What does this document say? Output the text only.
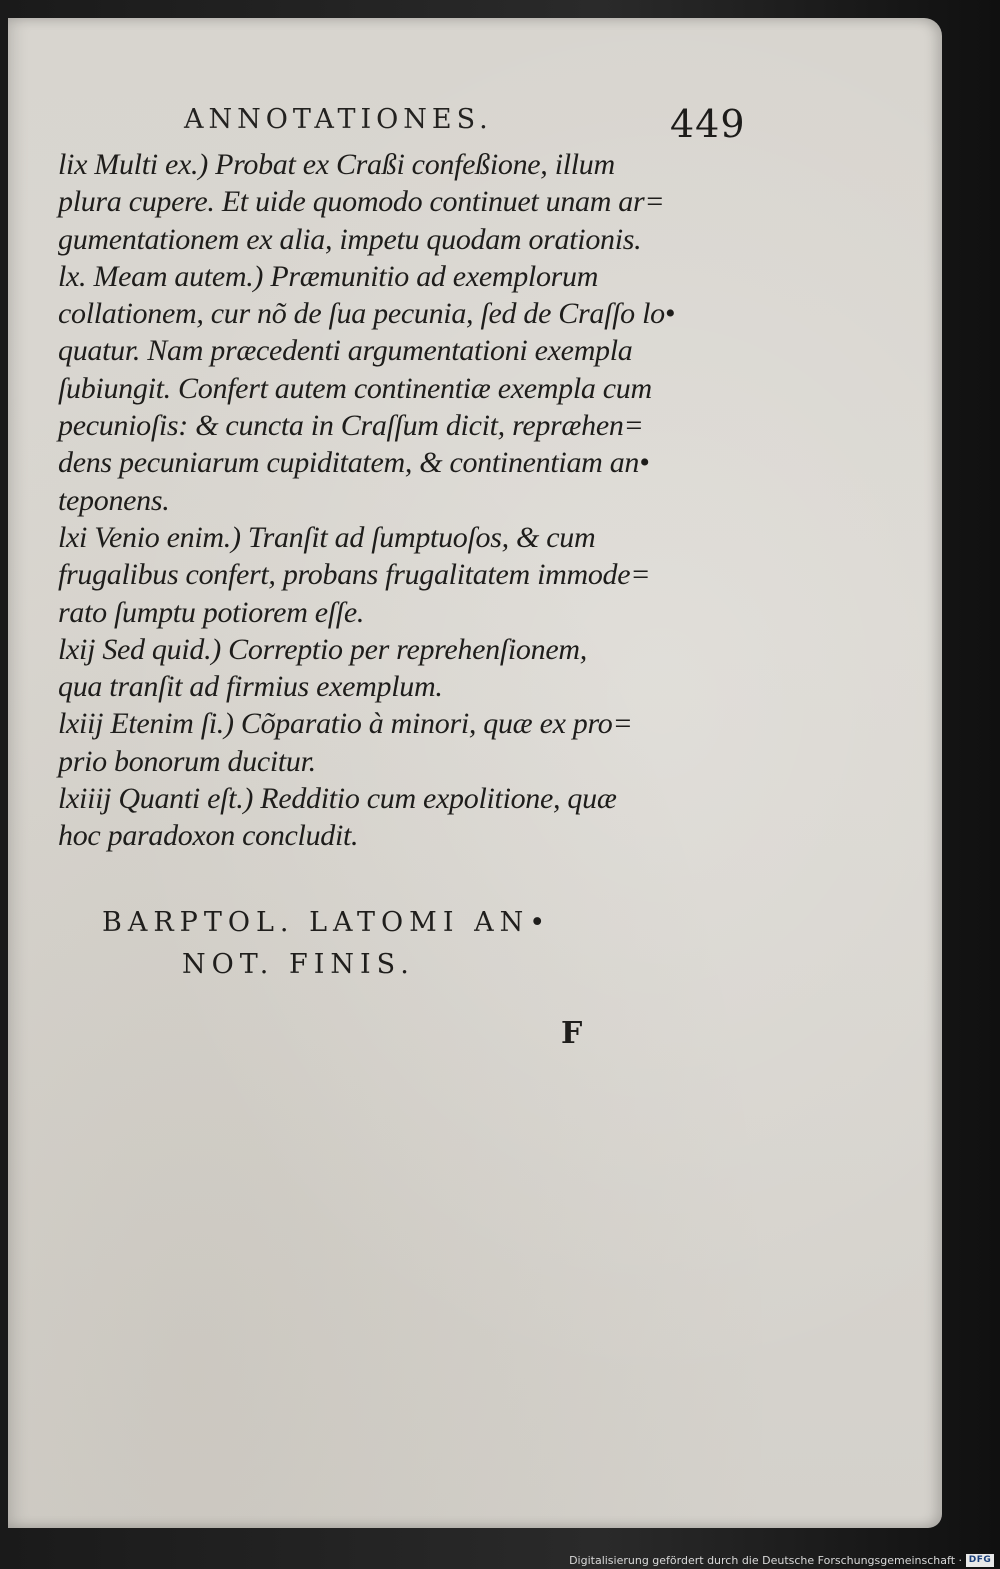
ANNOTATIONES.	449
lix Multi ex.) Probat ex Craßi confeßione, illum
plura cupere. Et uide quomodo continuet unam ar=
gumentationem ex alia, impetu quodam orationis.
lx. Meam autem.) Præmunitio ad exemplorum
collationem, cur nõ de ſua pecunia, ſed de Craſſo lo•
quatur. Nam præcedenti argumentationi exempla
ſubiungit. Confert autem continentiæ exempla cum
pecunioſis: & cuncta in Craſſum dicit, repræhen=
dens pecuniarum cupiditatem, & continentiam an•
teponens.
lxi Venio enim.) Tranſit ad ſumptuoſos, & cum
frugalibus confert, probans frugalitatem immode=
rato ſumptu potiorem eſſe.
lxij Sed quid.) Correptio per reprehenſionem,
qua tranſit ad firmius exemplum.
lxiij Etenim ſi.) Cõparatio à minori, quæ ex pro=
prio bonorum ducitur.
lxiiij Quanti eſt.) Redditio cum expolitione, quæ
hoc paradoxon concludit.
BARPTOL. LATOMI AN•
NOT. FINIS.
F
Digitalisierung gefördert durch die Deutsche Forschungsgemeinschaft · DFG
